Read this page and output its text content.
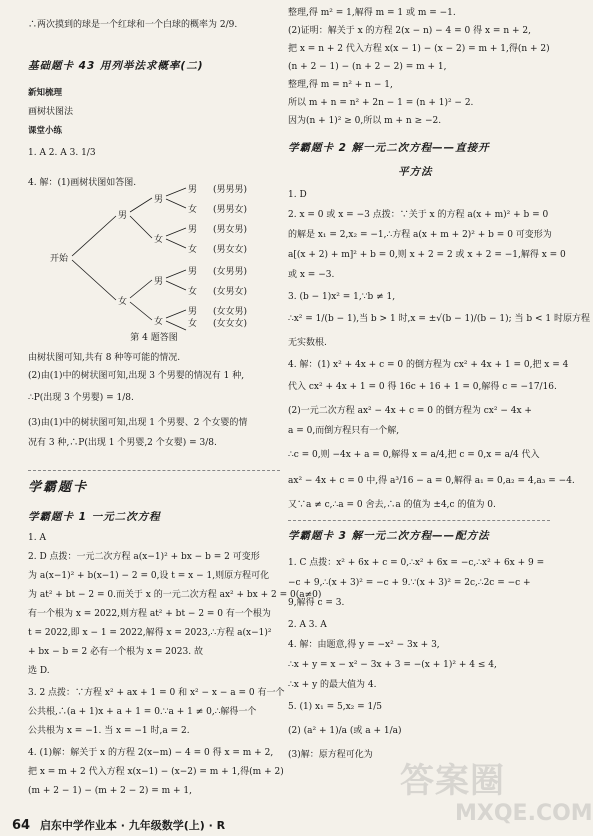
∴两次摸到的球是一个红球和一个白球的概率为 2/9.
基础题卡 43 用列举法求概率(二)
新知梳理
画树状图法
课堂小练
1. A 2. A 3. 1/3
4. 解：(1)画树状图如答图.
开始
男
女
男
女
男
女
男
女
男
女
男
女
男
女
(男男男)
(男男女)
(男女男)
(男女女)
(女男男)
(女男女)
(女女男)
(女女女)
第 4 题答图
由树状图可知,共有 8 种等可能的情况.
(2)由(1)中的树状图可知,出现 3 个男婴的情况有 1 种,
∴P(出现 3 个男婴) = 1/8.
(3)由(1)中的树状图可知,出现 1 个男婴、2 个女婴的情
况有 3 种,∴P(出现 1 个男婴,2 个女婴) = 3/8.
学霸题卡
学霸题卡 1 一元二次方程
1. A
2. D 点拨：一元二次方程 a(x−1)² + bx − b = 2 可变形
为 a(x−1)² + b(x−1) − 2 = 0,设 t = x − 1,则原方程可化
为 at² + bt − 2 = 0.而关于 x 的一元二次方程 ax² + bx + 2 = 0(a≠0)
有一个根为 x = 2022,则方程 at² + bt − 2 = 0 有一个根为
t = 2022,即 x − 1 = 2022,解得 x = 2023,∴方程 a(x−1)²
+ bx − b = 2 必有一个根为 x = 2023. 故
选 D.
3. 2 点拨：∵方程 x² + ax + 1 = 0 和 x² − x − a = 0 有一个
公共根,∴(a + 1)x + a + 1 = 0.∵a + 1 ≠ 0,∴解得一个
公共根为 x = −1. 当 x = −1 时,a = 2.
4. (1)解：解关于 x 的方程 2(x−m) − 4 = 0 得 x = m + 2,
把 x = m + 2 代入方程 x(x−1) − (x−2) = m + 1,得(m + 2)
(m + 2 − 1) − (m + 2 − 2) = m + 1,
整理,得 m² = 1,解得 m = 1 或 m = −1.
(2)证明：解关于 x 的方程 2(x − n) − 4 = 0 得 x = n + 2,
把 x = n + 2 代入方程 x(x − 1) − (x − 2) = m + 1,得(n + 2)
(n + 2 − 1) − (n + 2 − 2) = m + 1,
整理,得 m = n² + n − 1,
所以 m + n = n² + 2n − 1 = (n + 1)² − 2.
因为(n + 1)² ≥ 0,所以 m + n ≥ −2.
学霸题卡 2 解一元二次方程——直接开
平方法
1. D
2. x = 0 或 x = −3 点拨：∵关于 x 的方程 a(x + m)² + b = 0
的解是 x₁ = 2,x₂ = −1,∴方程 a(x + m + 2)² + b = 0 可变形为
a[(x + 2) + m]² + b = 0,则 x + 2 = 2 或 x + 2 = −1,解得 x = 0
或 x = −3.
3. (b − 1)x² = 1,∵b ≠ 1,
∴x² = 1/(b − 1),当 b > 1 时,x = ±√(b − 1)/(b − 1); 当 b < 1 时原方程
无实数根.
4. 解：(1) x² + 4x + c = 0 的倒方程为 cx² + 4x + 1 = 0,把 x = 4
代入 cx² + 4x + 1 = 0 得 16c + 16 + 1 = 0,解得 c = −17/16.
(2)一元二次方程 ax² − 4x + c = 0 的倒方程为 cx² − 4x +
a = 0,而倒方程只有一个解,
∴c = 0,则 −4x + a = 0,解得 x = a/4,把 c = 0,x = a/4 代入
ax² − 4x + c = 0 中,得 a³/16 − a = 0,解得 a₁ = 0,a₂ = 4,a₃ = −4.
又∵a ≠ c,∴a = 0 舍去,∴a 的值为 ±4,c 的值为 0.
学霸题卡 3 解一元二次方程——配方法
1. C 点拨：x² + 6x + c = 0,∴x² + 6x = −c,∴x² + 6x + 9 =
−c + 9,∴(x + 3)² = −c + 9.∵(x + 3)² = 2c,∴2c = −c +
9,解得 c = 3.
2. A 3. A
4. 解：由题意,得 y = −x² − 3x + 3,
∴x + y = x − x² − 3x + 3 = −(x + 1)² + 4 ≤ 4,
∴x + y 的最大值为 4.
5. (1) x₁ = 5,x₂ = 1/5
(2) (a² + 1)/a (或 a + 1/a)
(3)解：原方程可化为
答案圈
MXQE.COM
64 启东中学作业本 · 九年级数学(上) · R
